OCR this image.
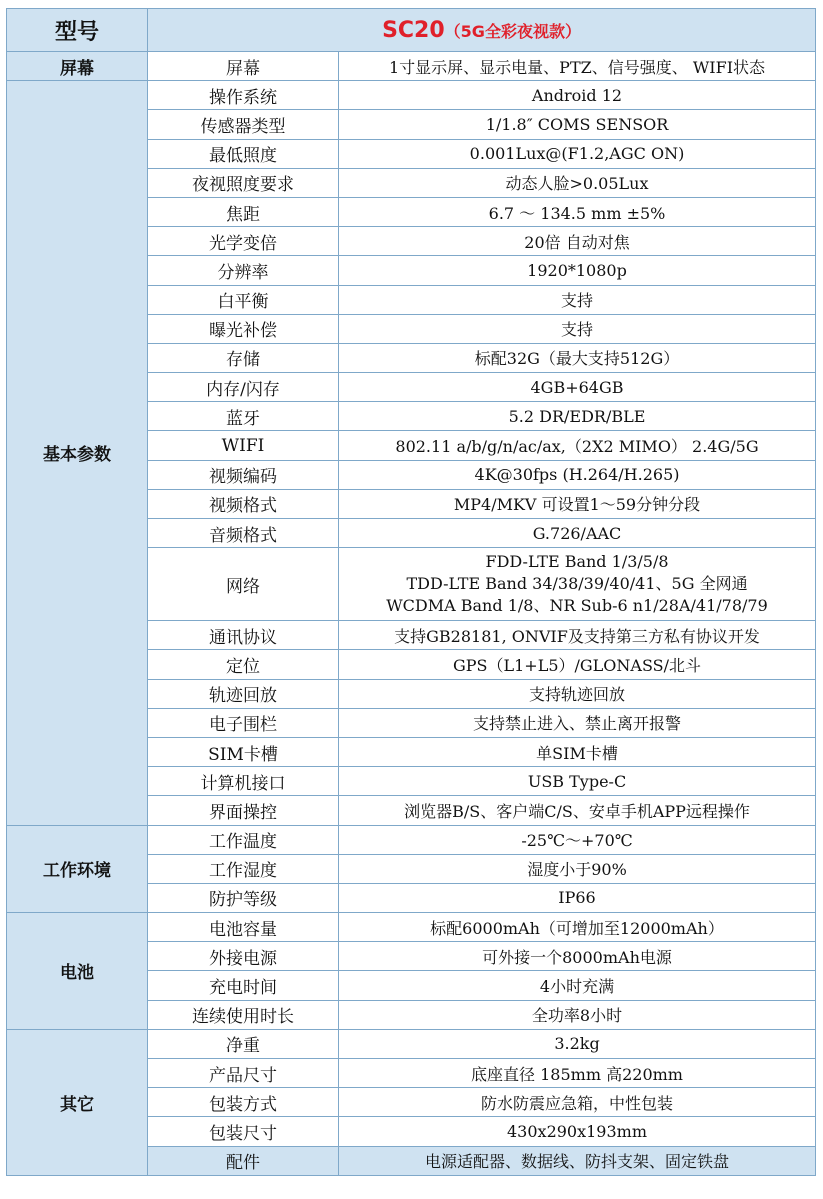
型号	SC20（5G全彩夜视款）	
屏幕	屏幕	1寸显示屏、显示电量、PTZ、信号强度、 WIFI状态
基本参数	操作系统	Android 12
	传感器类型	1/1.8″ COMS SENSOR
	最低照度	0.001Lux@(F1.2,AGC ON)
	夜视照度要求	动态人脸>0.05Lux
	焦距	6.7 ～ 134.5 mm ±5%
	光学变倍	20倍 自动对焦
	分辨率	1920*1080p
	白平衡	支持
	曝光补偿	支持
	存储	标配32G（最大支持512G）
	内存/闪存	4GB+64GB
	蓝牙	5.2 DR/EDR/BLE
	WIFI	802.11 a/b/g/n/ac/ax,（2X2 MIMO） 2.4G/5G
	视频编码	4K@30fps (H.264/H.265)
	视频格式	MP4/MKV 可设置1～59分钟分段
	音频格式	G.726/AAC
	网络	FDD-LTE Band 1/3/5/8
TDD-LTE Band 34/38/39/40/41、5G 全网通
WCDMA Band 1/8、NR Sub-6 n1/28A/41/78/79

	通讯协议	支持GB28181, ONVIF及支持第三方私有协议开发
	定位	GPS（L1+L5）/GLONASS/北斗
	轨迹回放	支持轨迹回放
	电子围栏	支持禁止进入、禁止离开报警
	SIM卡槽	单SIM卡槽
	计算机接口	USB Type-C
	界面操控	浏览器B/S、客户端C/S、安卓手机APP远程操作
工作环境	工作温度	-25℃～+70℃
	工作湿度	湿度小于90%
	防护等级	IP66
电池	电池容量	标配6000mAh（可增加至12000mAh）
	外接电源	可外接一个8000mAh电源
	充电时间	4小时充满
	连续使用时长	全功率8小时
其它	净重	3.2kg
	产品尺寸	底座直径 185mm 高220mm
	包装方式	防水防震应急箱，中性包装
	包装尺寸	430x290x193mm
	配件	电源适配器、数据线、防抖支架、固定铁盘
